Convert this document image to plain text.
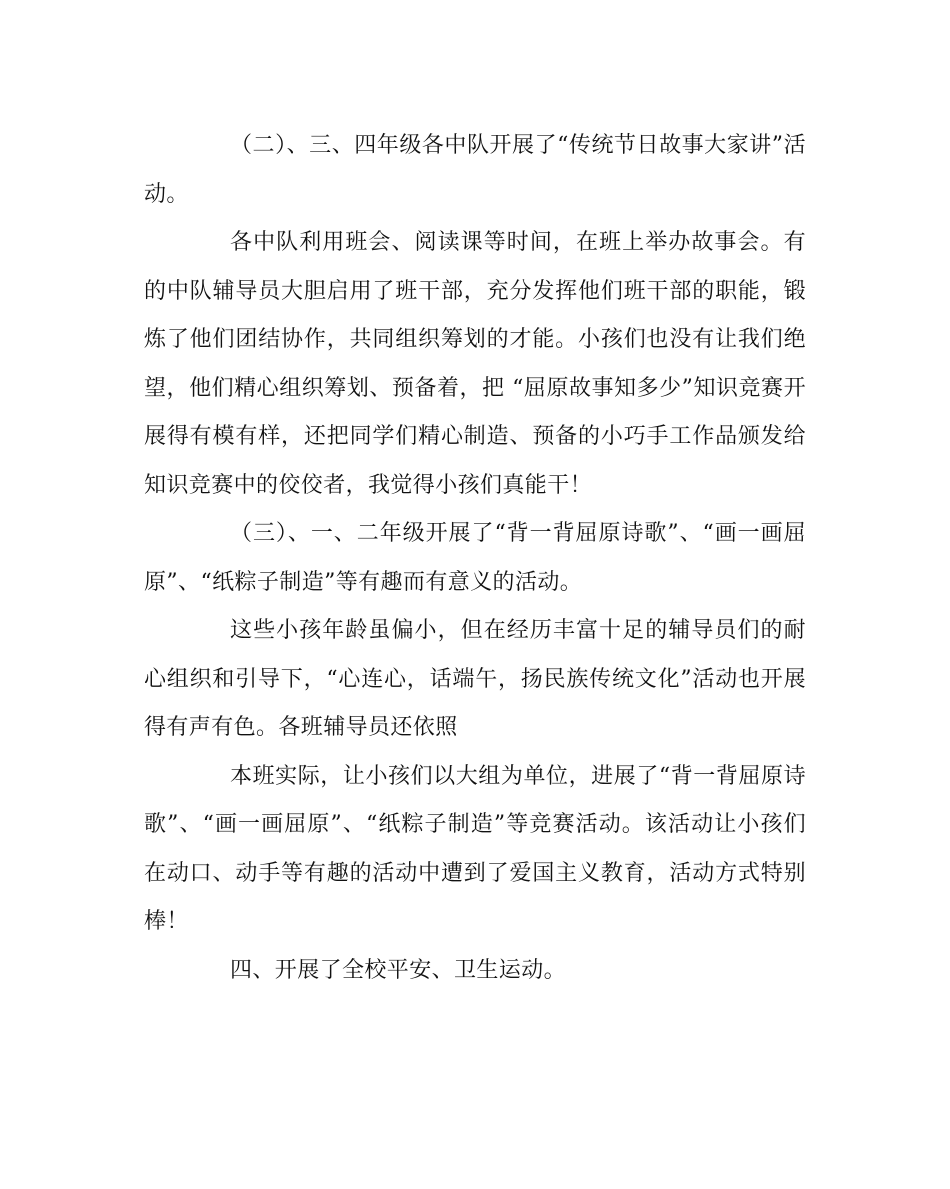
（二）、三、四年级各中队开展了“传统节日故事大家讲”活动。

各中队利用班会、阅读课等时间，在班上举办故事会。有的中队辅导员大胆启用了班干部，充分发挥他们班干部的职能，锻炼了他们团结协作，共同组织筹划的才能。小孩们也没有让我们绝望，他们精心组织筹划、预备着，把 “屈原故事知多少”知识竞赛开展得有模有样，还把同学们精心制造、预备的小巧手工作品颁发给知识竞赛中的佼佼者，我觉得小孩们真能干！

（三）、一、二年级开展了“背一背屈原诗歌”、“画一画屈原”、“纸粽子制造”等有趣而有意义的活动。

这些小孩年龄虽偏小，但在经历丰富十足的辅导员们的耐心组织和引导下，“心连心，话端午，扬民族传统文化”活动也开展得有声有色。各班辅导员还依照

本班实际，让小孩们以大组为单位，进展了“背一背屈原诗歌”、“画一画屈原”、“纸粽子制造”等竞赛活动。该活动让小孩们在动口、动手等有趣的活动中遭到了爱国主义教育，活动方式特别棒！

四、开展了全校平安、卫生运动。
